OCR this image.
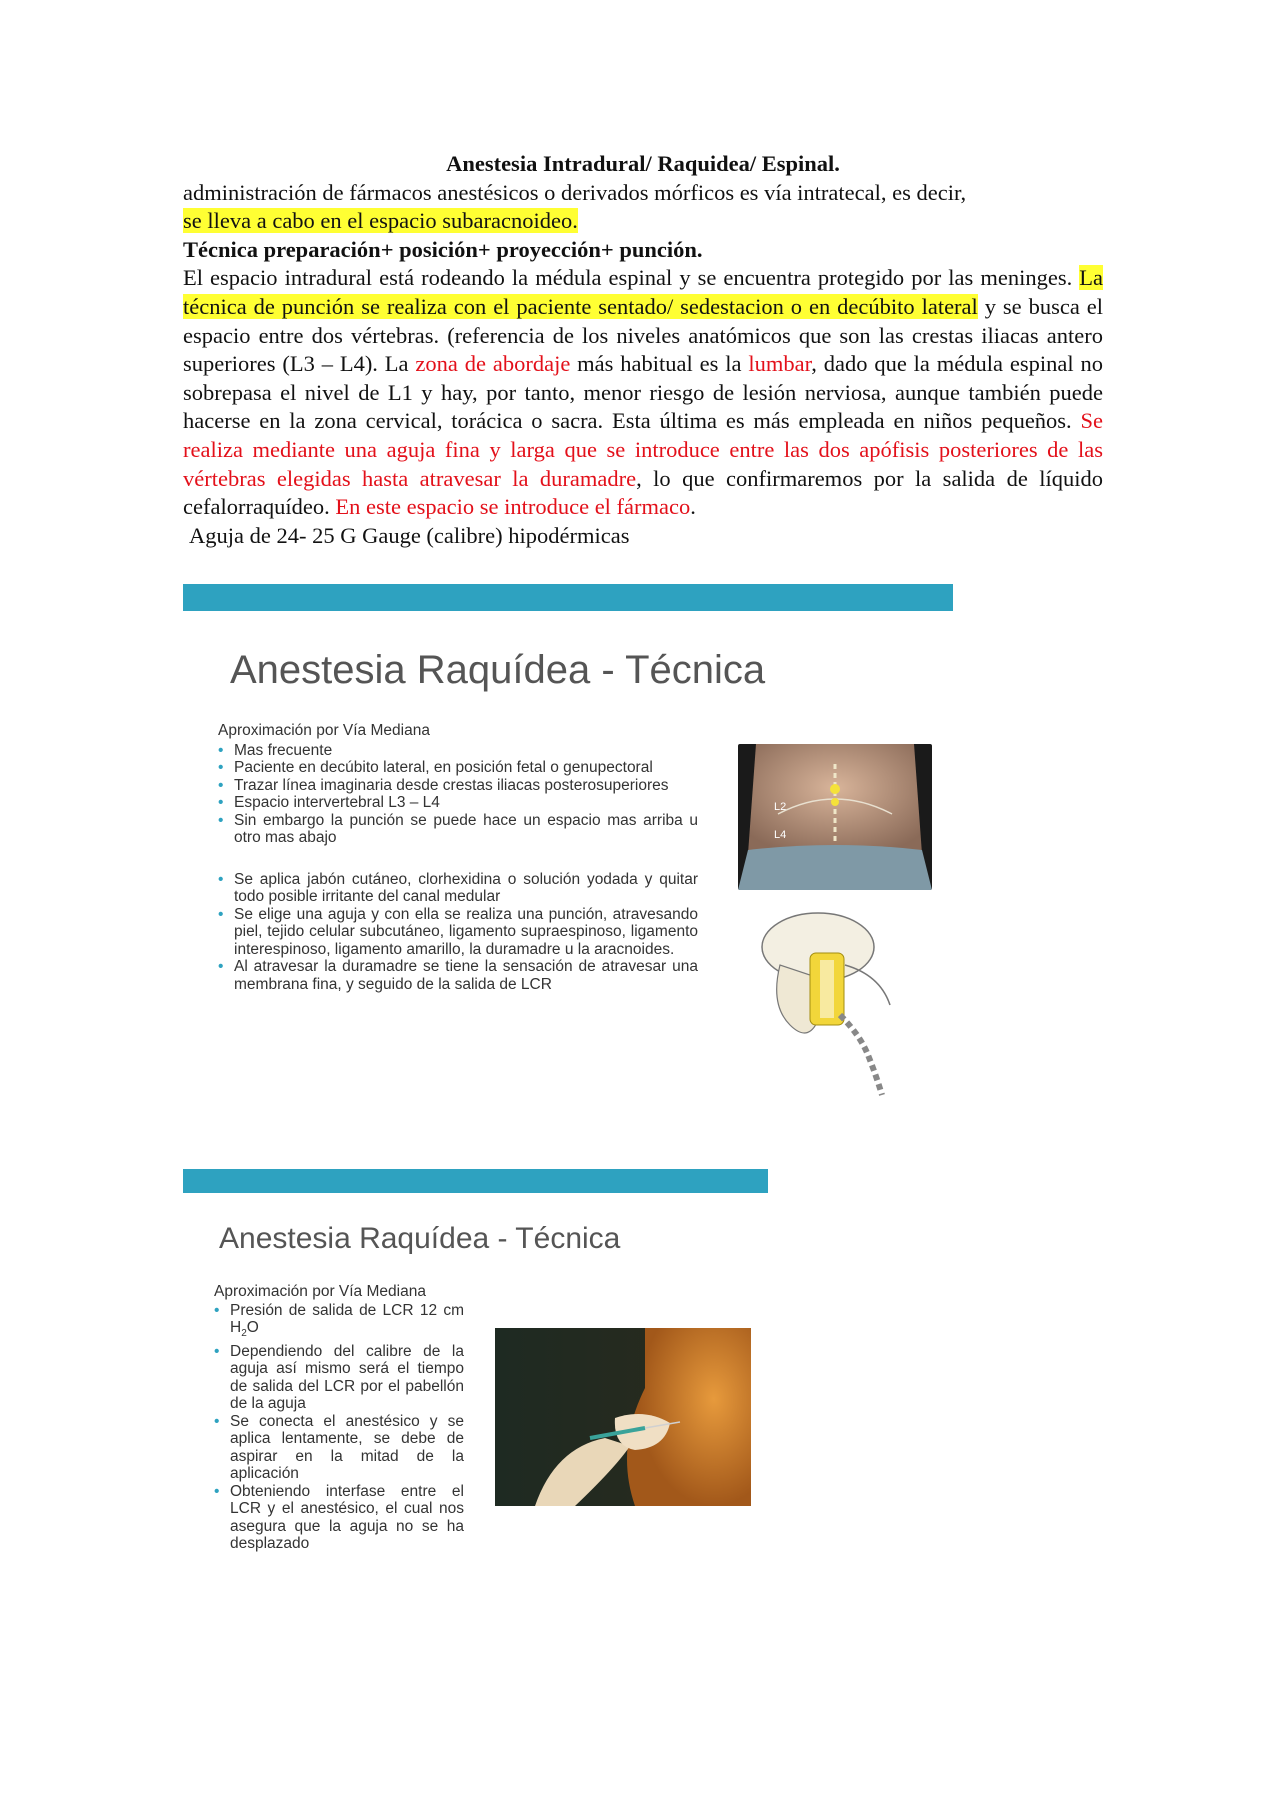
Anestesia Intradural/ Raquidea/ Espinal.
administración de fármacos anestésicos o derivados mórficos es vía intratecal, es decir,
se lleva a cabo en el espacio subaracnoideo.
Técnica preparación+ posición+ proyección+ punción.
El espacio intradural está rodeando la médula espinal y se encuentra protegido por las meninges. La técnica de punción se realiza con el paciente sentado/ sedestacion o en decúbito lateral y se busca el espacio entre dos vértebras. (referencia de los niveles anatómicos que son las crestas iliacas antero superiores (L3 – L4). La zona de abordaje más habitual es la lumbar, dado que la médula espinal no sobrepasa el nivel de L1 y hay, por tanto, menor riesgo de lesión nerviosa, aunque también puede hacerse en la zona cervical, torácica o sacra. Esta última es más empleada en niños pequeños. Se realiza mediante una aguja fina y larga que se introduce entre las dos apófisis posteriores de las vértebras elegidas hasta atravesar la duramadre, lo que confirmaremos por la salida de líquido cefalorraquídeo. En este espacio se introduce el fármaco.
Aguja de 24- 25 G Gauge (calibre) hipodérmicas
Anestesia Raquídea - Técnica
Aproximación por Vía Mediana
• Mas frecuente
• Paciente en decúbito lateral, en posición fetal o genupectoral
• Trazar línea imaginaria desde crestas iliacas posterosuperiores
• Espacio intervertebral L3 – L4
• Sin embargo la punción se puede hace un espacio mas arriba u otro mas abajo
• Se aplica jabón cutáneo, clorhexidina o solución yodada y quitar todo posible irritante del canal medular
• Se elige una aguja y con ella se realiza una punción, atravesando piel, tejido celular subcutáneo, ligamento supraespinoso, ligamento interespinoso, ligamento amarillo, la duramadre u la aracnoides.
• Al atravesar la duramadre se tiene la sensación de atravesar una membrana fina, y seguido de la salida de LCR
L2
L4
Anestesia Raquídea - Técnica
Aproximación por Vía Mediana
• Presión de salida de LCR 12 cm $H_2O$
• Dependiendo del calibre de la aguja así mismo será el tiempo de salida del LCR por el pabellón de la aguja
• Se conecta el anestésico y se aplica lentamente, se debe de aspirar en la mitad de la aplicación
• Obteniendo interfase entre el LCR y el anestésico, el cual nos asegura que la aguja no se ha desplazado
